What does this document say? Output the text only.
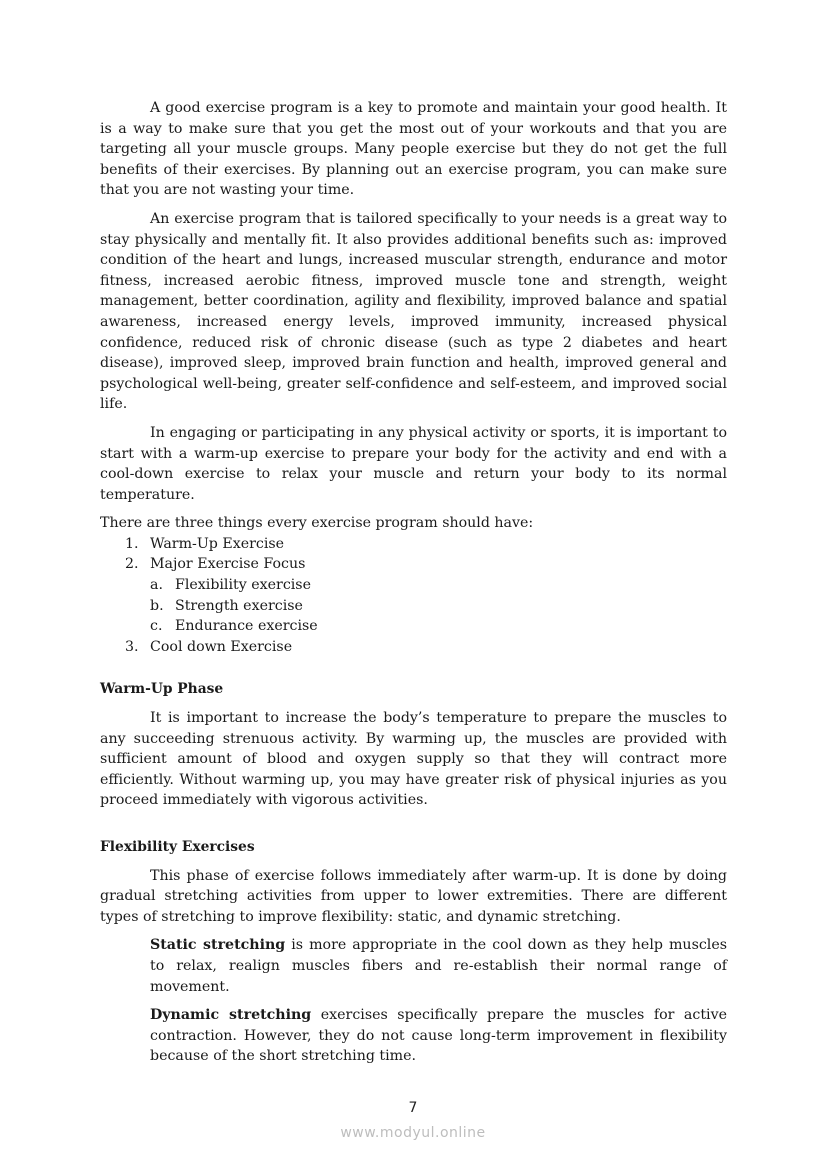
A good exercise program is a key to promote and maintain your good health. It is a way to make sure that you get the most out of your workouts and that you are targeting all your muscle groups. Many people exercise but they do not get the full benefits of their exercises. By planning out an exercise program, you can make sure that you are not wasting your time.

An exercise program that is tailored specifically to your needs is a great way to stay physically and mentally fit. It also provides additional benefits such as: improved condition of the heart and lungs, increased muscular strength, endurance and motor fitness, increased aerobic fitness, improved muscle tone and strength, weight management, better coordination, agility and flexibility, improved balance and spatial awareness, increased energy levels, improved immunity, increased physical confidence, reduced risk of chronic disease (such as type 2 diabetes and heart disease), improved sleep, improved brain function and health, improved general and psychological well-being, greater self-confidence and self-esteem, and improved social life.

In engaging or participating in any physical activity or sports, it is important to start with a warm-up exercise to prepare your body for the activity and end with a cool-down exercise to relax your muscle and return your body to its normal temperature.

There are three things every exercise program should have:

1. Warm-Up Exercise
2. Major Exercise Focus
a. Flexibility exercise
b. Strength exercise
c. Endurance exercise
3. Cool down Exercise
Warm-Up Phase

It is important to increase the body’s temperature to prepare the muscles to any succeeding strenuous activity. By warming up, the muscles are provided with sufficient amount of blood and oxygen supply so that they will contract more efficiently. Without warming up, you may have greater risk of physical injuries as you proceed immediately with vigorous activities.

Flexibility Exercises

This phase of exercise follows immediately after warm-up. It is done by doing gradual stretching activities from upper to lower extremities. There are different types of stretching to improve flexibility: static, and dynamic stretching.

Static stretching is more appropriate in the cool down as they help muscles to relax, realign muscles fibers and re-establish their normal range of movement.

Dynamic stretching exercises specifically prepare the muscles for active contraction. However, they do not cause long-term improvement in flexibility because of the short stretching time.

7
www.modyul.online
